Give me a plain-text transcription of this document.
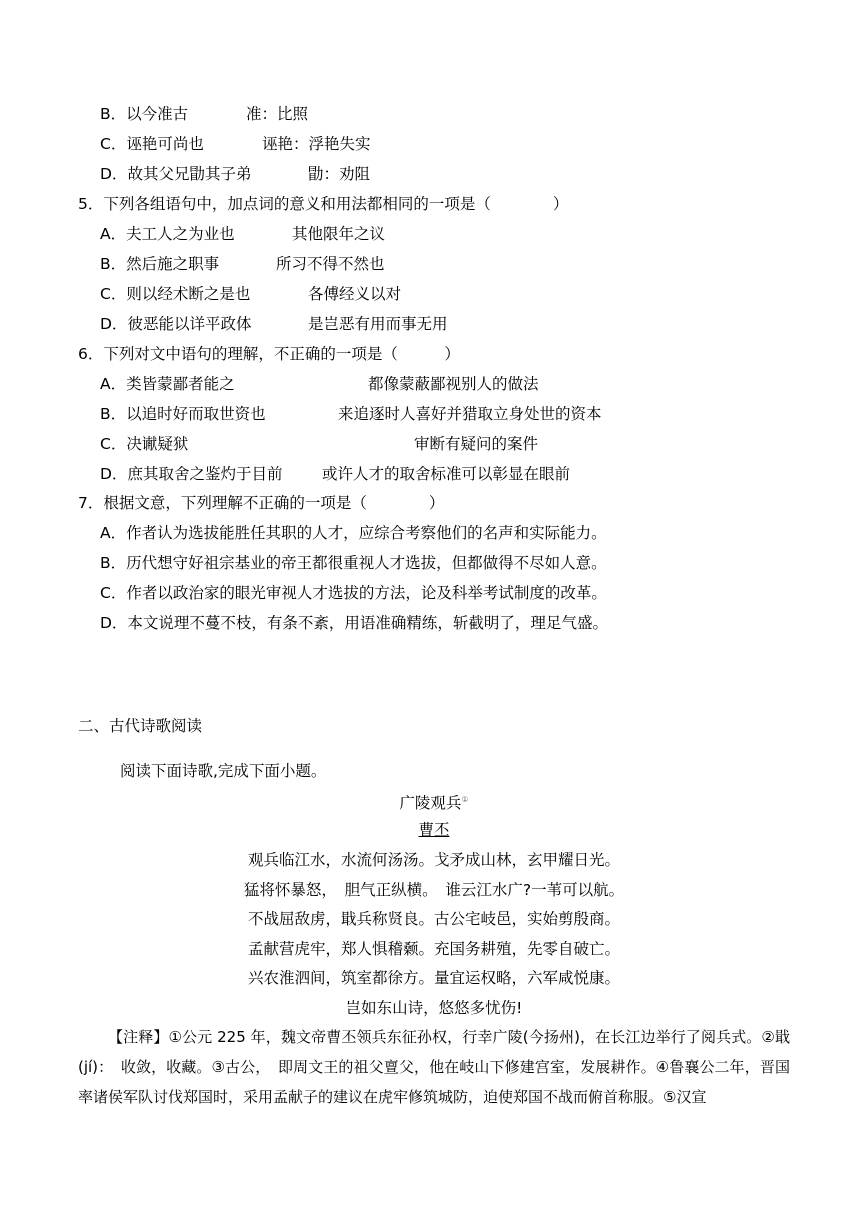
B．以今准古	准：比照
C．诬艳可尚也	诬艳：浮艳失实
D．故其父兄勖其子弟	勖：劝阻
5．下列各组语句中，加点词的意义和用法都相同的一项是（　　　　）
A．夫工人之为业也	其他限年之议
B．然后施之职事	所习不得不然也
C．则以经术断之是也	各傅经义以对
D．彼恶能以详平政体	是岂恶有用而事无用
6．下列对文中语句的理解，不正确的一项是（　　　）
A．类皆蒙鄙者能之	都像蒙蔽鄙视别人的做法
B．以追时好而取世资也	来追逐时人喜好并猎取立身处世的资本
C．决谳疑狱	审断有疑问的案件
D．庶其取舍之鉴灼于目前	或许人才的取舍标准可以彰显在眼前
7．根据文意，下列理解不正确的一项是（　　　　）
A．作者认为选拔能胜任其职的人才，应综合考察他们的名声和实际能力。
B．历代想守好祖宗基业的帝王都很重视人才选拔，但都做得不尽如人意。
C．作者以政治家的眼光审视人才选拔的方法，论及科举考试制度的改革。
D．本文说理不蔓不枝，有条不紊，用语准确精练，斩截明了，理足气盛。
二、古代诗歌阅读
阅读下面诗歌,完成下面小题。
广陵观兵①
曹丕
观兵临江水，水流何汤汤。戈矛成山林，玄甲耀日光。
猛将怀暴怒，　胆气正纵横。　谁云江水广?一苇可以航。
不战屈敌虏，戢兵称贤良。古公宅岐邑，实始剪殷商。
孟献营虎牢，郑人惧稽颡。充国务耕殖，先零自破亡。
兴农淮泗间，筑室都徐方。量宜运权略，六军咸悦康。
岂如东山诗，悠悠多忧伤!
【注释】①公元 225 年，魏文帝曹丕领兵东征孙权，行幸广陵(今扬州)，在长江边举行了阅兵式。②戢(jí)：　收敛，收藏。③古公，　即周文王的祖父亶父，他在岐山下修建宫室，发展耕作。④鲁襄公二年，晋国率诸侯军队讨伐郑国时，采用孟献子的建议在虎牢修筑城防，迫使郑国不战而俯首称服。⑤汉宣
